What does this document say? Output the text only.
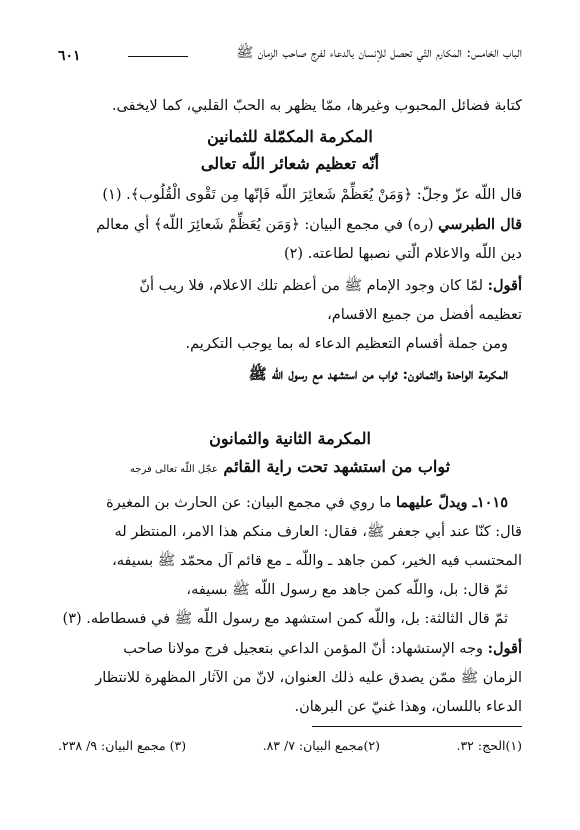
الباب الخامس: المكارم التّي تحصل للإنسان بالدعاء لفرج صاحب الزمان ﷺ
٦٠١

كتابة فضائل المحبوب وغيرها، ممّا يظهر به الحبّ القلبي، كما لايخفى.

المكرمة المكمّلة للثمانين
أنّه تعظيم شعائر اللّه تعالى

قال اللّه عزّ وجلّ: ﴿وَمَنْ يُعَظِّمْ شَعائِرَ اللّه فَإنّها مِن تَقْوى الْقُلُوب﴾. (١)

قال الطبرسي (ره) في مجمع البيان: ﴿وَمَن يُعَظِّمْ شَعائِرَ اللّه﴾ أي معالم

دين اللّه والاعلام الّتي نصبها لطاعته. (٢)

أقول: لمّا كان وجود الإمام ﷺ من أعظم تلك الاعلام، فلا ريب أنّ

تعظيمه أفضل من جميع الاقسام،

ومن جملة أقسام التعظيم الدعاء له بما يوجب التكريم.

المكرمة الواحدة والثمانون: ثواب من استشهد مع رسول اللّه ﷺ
المكرمة الثانية والثمانون
ثواب من استشهد تحت راية القائم عجّل اللّه تعالى فرجه

١٠١٥ـ ويدلّ عليهما ما روي في مجمع البيان: عن الحارث بن المغيرة

قال: كنّا عند أبي جعفر ﷺ، فقال: العارف منكم هذا الامر، المنتظر له

المحتسب فيه الخير، كمن جاهد ـ واللّه ـ مع قائم آل محمّد ﷺ بسيفه،

ثمّ قال: بل، واللّه كمن جاهد مع رسول اللّه ﷺ بسيفه،

ثمّ قال الثالثة: بل، واللّه كمن استشهد مع رسول اللّه ﷺ في فسطاطه. (٣)

أقول: وجه الإستشهاد: أنّ المؤمن الداعي بتعجيل فرج مولانا صاحب

الزمان ﷺ ممّن يصدق عليه ذلك العنوان، لانّ من الآثار المظهرة للانتظار

الدعاء باللسان، وهذا غنيّ عن البرهان.

(١)الحج: ٣٢.
(٢)مجمع البيان: ٧/ ٨٣.
(٣) مجمع البيان: ٩/ ٢٣٨.
